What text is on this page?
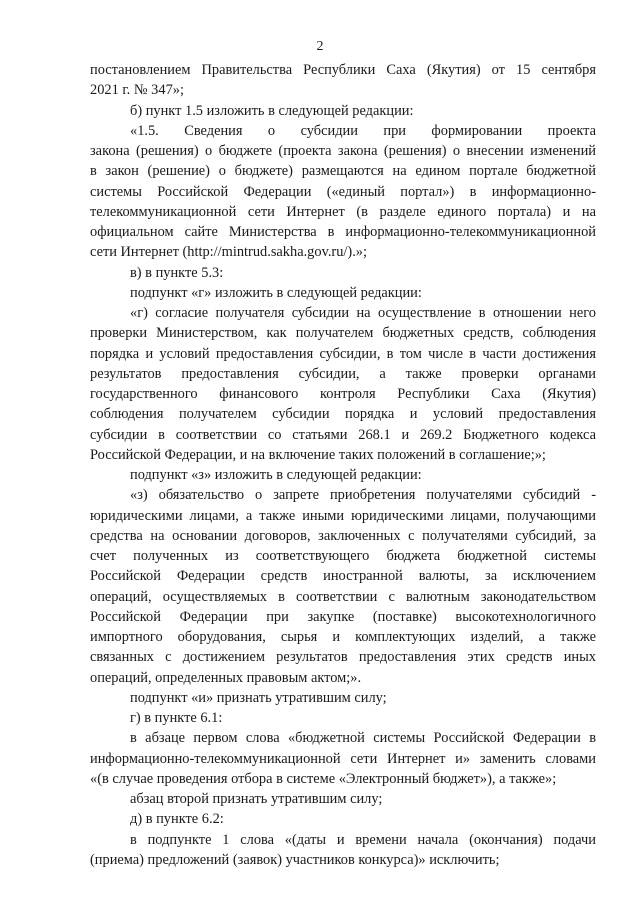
2
постановлением Правительства Республики Саха (Якутия) от 15 сентября
2021 г. № 347»;
б) пункт 1.5 изложить в следующей редакции:
«1.5. Сведения о субсидии при формировании проекта
закона (решения) о бюджете (проекта закона (решения) о внесении изменений
в закон (решение) о бюджете) размещаются на едином портале бюджетной
системы Российской Федерации («единый портал») в информационно-
телекоммуникационной сети Интернет (в разделе единого портала) и на
официальном сайте Министерства в информационно-телекоммуникационной
сети Интернет (http://mintrud.sakha.gov.ru/).»;
в) в пункте 5.3:
подпункт «г» изложить в следующей редакции:
«г) согласие получателя субсидии на осуществление в отношении него
проверки Министерством, как получателем бюджетных средств, соблюдения
порядка и условий предоставления субсидии, в том числе в части достижения
результатов предоставления субсидии, а также проверки органами
государственного финансового контроля Республики Саха (Якутия)
соблюдения получателем субсидии порядка и условий предоставления
субсидии в соответствии со статьями 268.1 и 269.2 Бюджетного кодекса
Российской Федерации, и на включение таких положений в соглашение;»;
подпункт «з» изложить в следующей редакции:
«з) обязательство о запрете приобретения получателями субсидий -
юридическими лицами, а также иными юридическими лицами, получающими
средства на основании договоров, заключенных с получателями субсидий, за
счет полученных из соответствующего бюджета бюджетной системы
Российской Федерации средств иностранной валюты, за исключением
операций, осуществляемых в соответствии с валютным законодательством
Российской Федерации при закупке (поставке) высокотехнологичного
импортного оборудования, сырья и комплектующих изделий, а также
связанных с достижением результатов предоставления этих средств иных
операций, определенных правовым актом;».
подпункт «и» признать утратившим силу;
г) в пункте 6.1:
в абзаце первом слова «бюджетной системы Российской Федерации в
информационно-телекоммуникационной сети Интернет и» заменить словами
«(в случае проведения отбора в системе «Электронный бюджет»), а также»;
абзац второй признать утратившим силу;
д) в пункте 6.2:
в подпункте 1 слова «(даты и времени начала (окончания) подачи
(приема) предложений (заявок) участников конкурса)» исключить;
